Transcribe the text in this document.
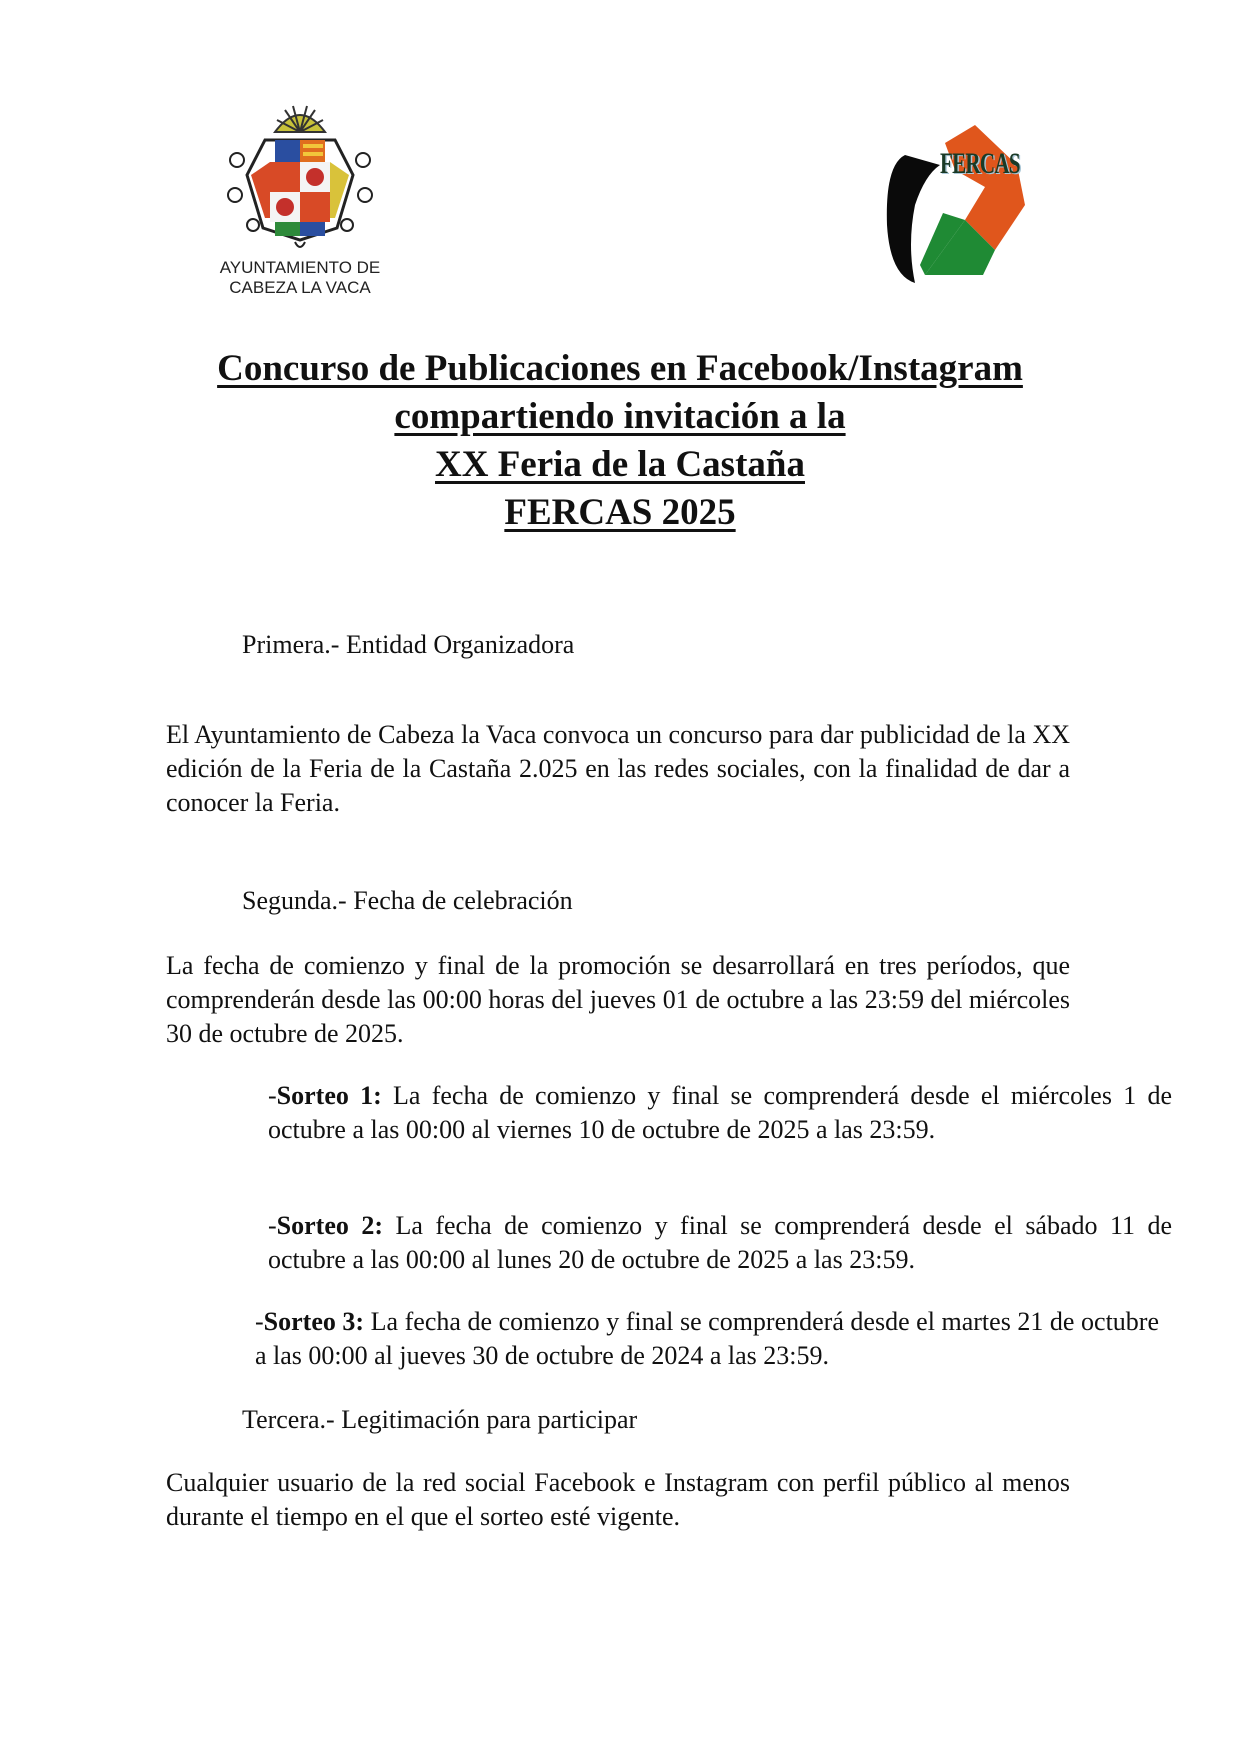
AYUNTAMIENTO DE
CABEZA LA VACA
FERCAS
Concurso de Publicaciones en Facebook/Instagram
compartiendo invitación a la
XX Feria de la Castaña
FERCAS 2025
Primera.- Entidad Organizadora
El Ayuntamiento de Cabeza la Vaca convoca un concurso para dar publicidad de la XX edición de la Feria de la Castaña 2.025 en las redes sociales, con la finalidad de dar a conocer la Feria.
Segunda.- Fecha de celebración
La fecha de comienzo y final de la promoción se desarrollará en tres períodos, que comprenderán desde las 00:00 horas del jueves 01 de octubre a las 23:59 del miércoles 30 de octubre de 2025.
-Sorteo 1: La fecha de comienzo y final se comprenderá desde el miércoles 1 de octubre a las 00:00 al viernes 10 de octubre de 2025 a las 23:59.
-Sorteo 2: La fecha de comienzo y final se comprenderá desde el sábado 11 de octubre a las 00:00 al lunes 20 de octubre de 2025 a las 23:59.
-Sorteo 3: La fecha de comienzo y final se comprenderá desde el martes 21 de octubre a las 00:00 al jueves 30 de octubre de 2024 a las 23:59.
Tercera.- Legitimación para participar
Cualquier usuario de la red social Facebook e Instagram con perfil público al menos durante el tiempo en el que el sorteo esté vigente.
